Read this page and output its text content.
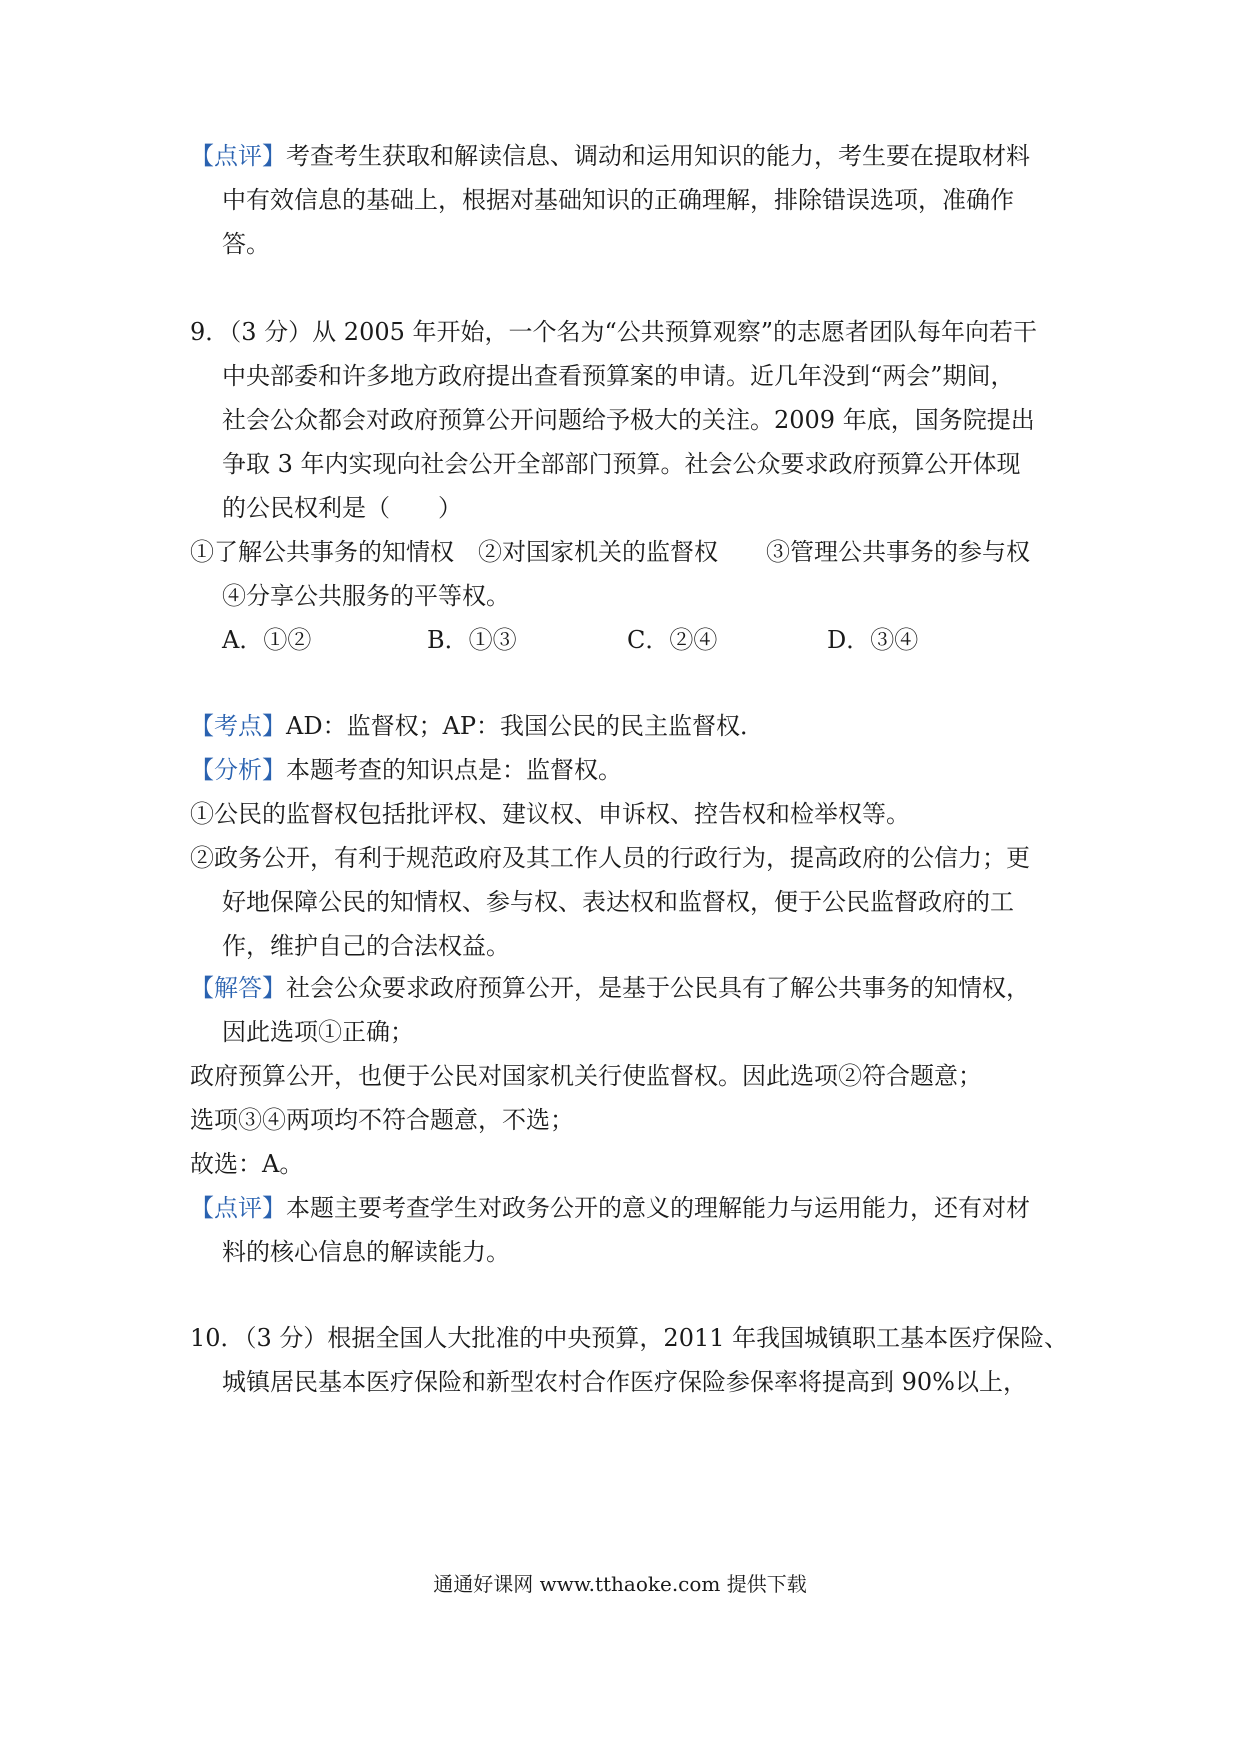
【点评】考查考生获取和解读信息、调动和运用知识的能力，考生要在提取材料
中有效信息的基础上，根据对基础知识的正确理解，排除错误选项，准确作
答。
9．（3 分）从 2005 年开始，一个名为“公共预算观察”的志愿者团队每年向若干
中央部委和许多地方政府提出查看预算案的申请。近几年没到“两会”期间，
社会公众都会对政府预算公开问题给予极大的关注。2009 年底，国务院提出
争取 3 年内实现向社会公开全部部门预算。社会公众要求政府预算公开体现
的公民权利是（　　）
①了解公共事务的知情权　②对国家机关的监督权　　③管理公共事务的参与权
④分享公共服务的平等权。
A．①②	B．①③	C．②④	D．③④
【考点】AD：监督权；AP：我国公民的民主监督权．
【分析】本题考查的知识点是：监督权。
①公民的监督权包括批评权、建议权、申诉权、控告权和检举权等。
②政务公开，有利于规范政府及其工作人员的行政行为，提高政府的公信力；更
好地保障公民的知情权、参与权、表达权和监督权，便于公民监督政府的工
作，维护自己的合法权益。
【解答】社会公众要求政府预算公开，是基于公民具有了解公共事务的知情权，
因此选项①正确；
政府预算公开，也便于公民对国家机关行使监督权。因此选项②符合题意；
选项③④两项均不符合题意，不选；
故选：A。
【点评】本题主要考查学生对政务公开的意义的理解能力与运用能力，还有对材
料的核心信息的解读能力。
10．（3 分）根据全国人大批准的中央预算，2011 年我国城镇职工基本医疗保险、
城镇居民基本医疗保险和新型农村合作医疗保险参保率将提高到 90%以上，
通通好课网 www.tthaoke.com 提供下载
